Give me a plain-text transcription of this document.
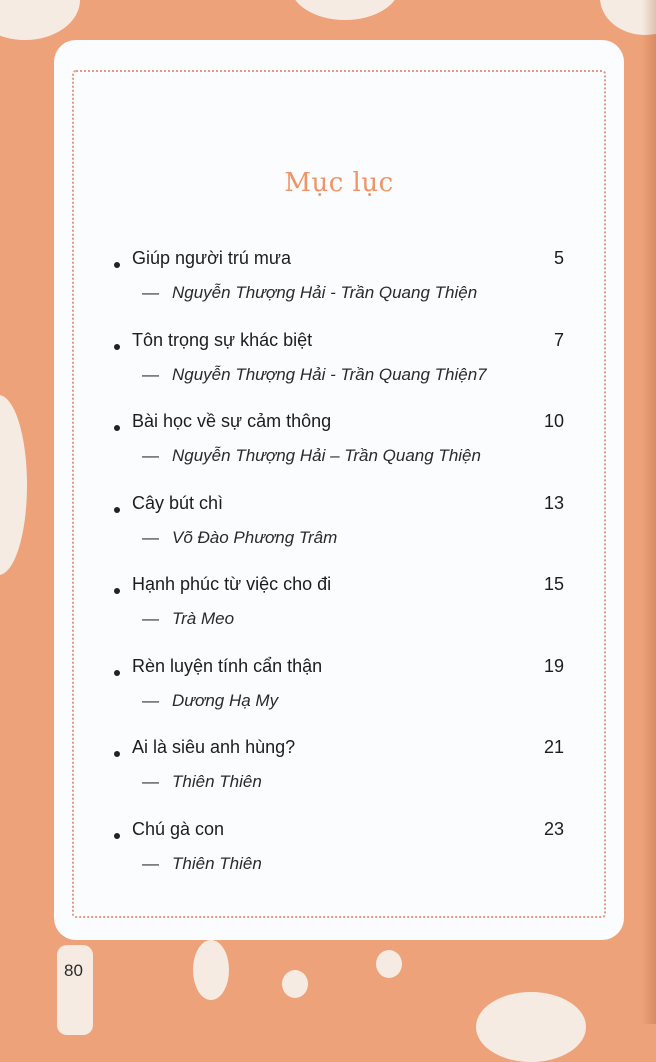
Mục lục
Giúp người trú mưa	5
— Nguyễn Thượng Hải - Trần Quang Thiện
Tôn trọng sự khác biệt	7
— Nguyễn Thượng Hải - Trần Quang Thiện7
Bài học về sự cảm thông	10
— Nguyễn Thượng Hải – Trần Quang Thiện
Cây bút chì	13
— Võ Đào Phương Trâm
Hạnh phúc từ việc cho đi	15
— Trà Meo
Rèn luyện tính cẩn thận	19
— Dương Hạ My
Ai là siêu anh hùng?	21
— Thiên Thiên
Chú gà con	23
— Thiên Thiên
80
